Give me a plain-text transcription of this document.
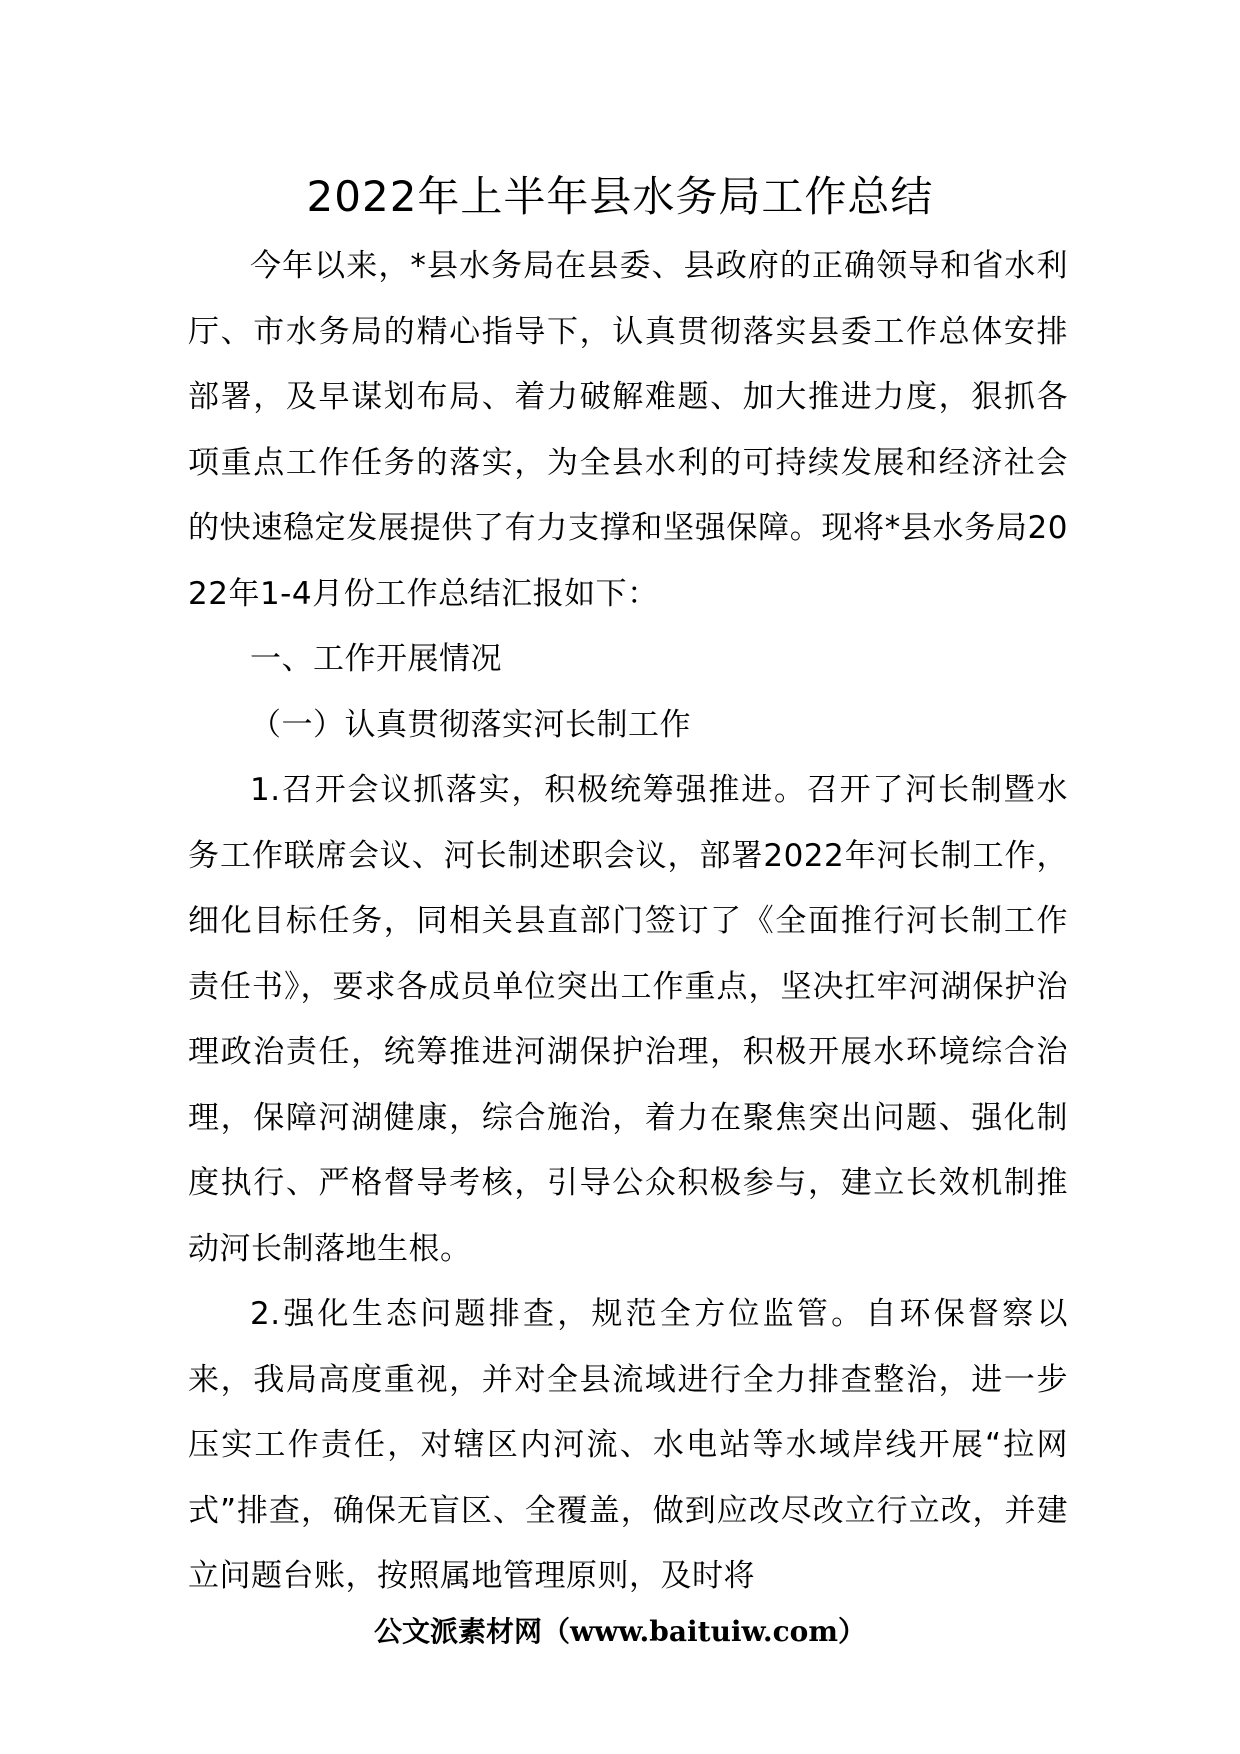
2022年上半年县水务局工作总结

今年以来，*县水务局在县委、县政府的正确领导和省水利厅、市水务局的精心指导下，认真贯彻落实县委工作总体安排部署，及早谋划布局、着力破解难题、加大推进力度，狠抓各项重点工作任务的落实，为全县水利的可持续发展和经济社会的快速稳定发展提供了有力支撑和坚强保障。现将*县水务局2022年1-4月份工作总结汇报如下：

一、工作开展情况

（一）认真贯彻落实河长制工作

1.召开会议抓落实，积极统筹强推进。召开了河长制暨水务工作联席会议、河长制述职会议，部署2022年河长制工作，细化目标任务，同相关县直部门签订了《全面推行河长制工作责任书》，要求各成员单位突出工作重点，坚决扛牢河湖保护治理政治责任，统筹推进河湖保护治理，积极开展水环境综合治理，保障河湖健康，综合施治，着力在聚焦突出问题、强化制度执行、严格督导考核，引导公众积极参与，建立长效机制推动河长制落地生根。

2.强化生态问题排查，规范全方位监管。自环保督察以来，我局高度重视，并对全县流域进行全力排查整治，进一步压实工作责任，对辖区内河流、水电站等水域岸线开展“拉网式”排查，确保无盲区、全覆盖，做到应改尽改立行立改，并建立问题台账，按照属地管理原则，及时将

公文派素材网（www.baituiw.com）
